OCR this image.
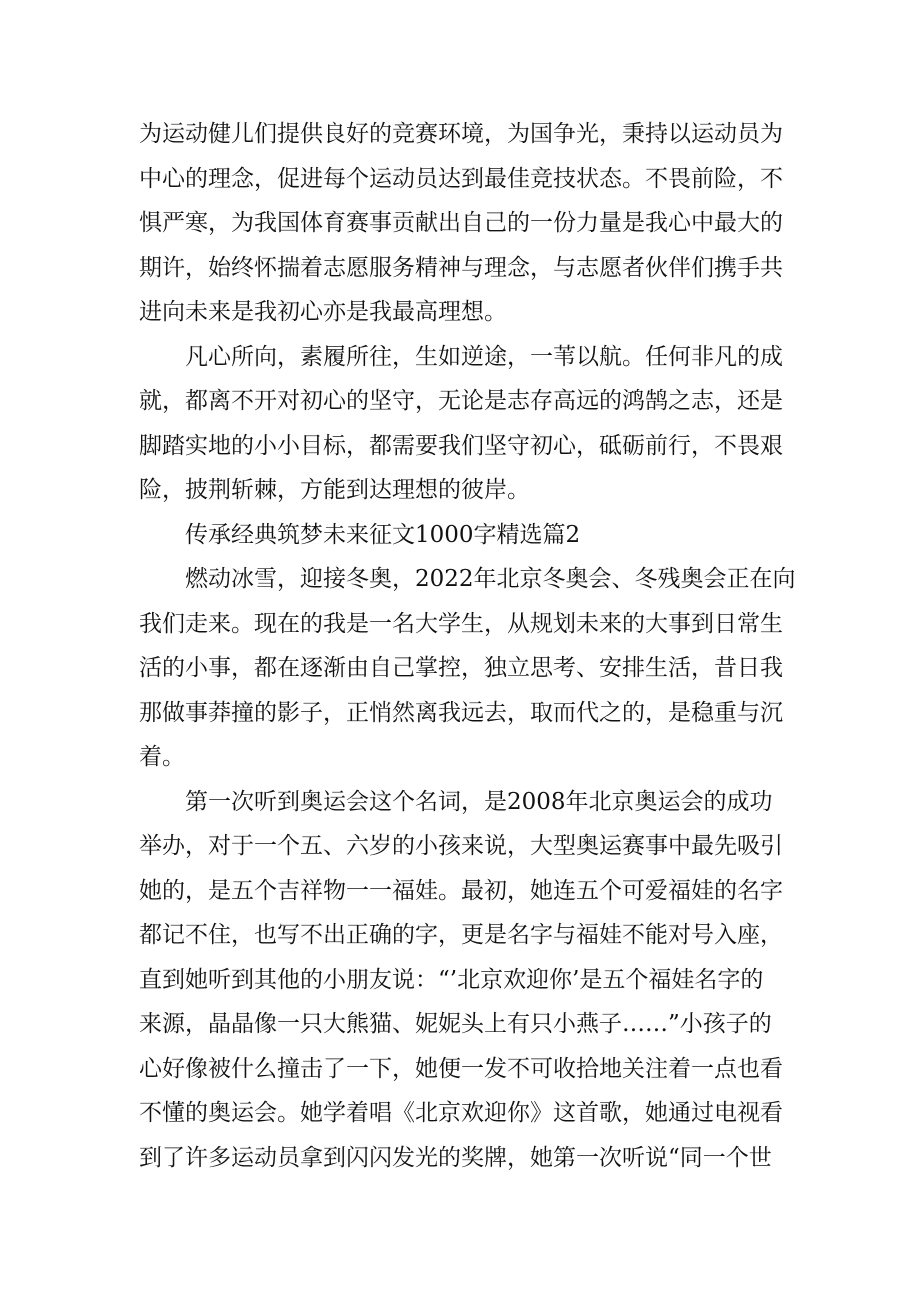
为运动健儿们提供良好的竞赛环境，为国争光，秉持以运动员为
中心的理念，促进每个运动员达到最佳竞技状态。不畏前险，不
惧严寒，为我国体育赛事贡献出自己的一份力量是我心中最大的
期许，始终怀揣着志愿服务精神与理念，与志愿者伙伴们携手共
进向未来是我初心亦是我最高理想。
凡心所向，素履所往，生如逆途，一苇以航。任何非凡的成
就，都离不开对初心的坚守，无论是志存高远的鸿鹄之志，还是
脚踏实地的小小目标，都需要我们坚守初心，砥砺前行，不畏艰
险，披荆斩棘，方能到达理想的彼岸。
传承经典筑梦未来征文1000字精选篇2
燃动冰雪，迎接冬奥，2022年北京冬奥会、冬残奥会正在向
我们走来。现在的我是一名大学生，从规划未来的大事到日常生
活的小事，都在逐渐由自己掌控，独立思考、安排生活，昔日我
那做事莽撞的影子，正悄然离我远去，取而代之的，是稳重与沉
着。
第一次听到奥运会这个名词，是2008年北京奥运会的成功
举办，对于一个五、六岁的小孩来说，大型奥运赛事中最先吸引
她的，是五个吉祥物一一福娃。最初，她连五个可爱福娃的名字
都记不住，也写不出正确的字，更是名字与福娃不能对号入座，
直到她听到其他的小朋友说：“’北京欢迎你’是五个福娃名字的
来源，晶晶像一只大熊猫、妮妮头上有只小燕子……”小孩子的
心好像被什么撞击了一下，她便一发不可收拾地关注着一点也看
不懂的奥运会。她学着唱《北京欢迎你》这首歌，她通过电视看
到了许多运动员拿到闪闪发光的奖牌，她第一次听说“同一个世
